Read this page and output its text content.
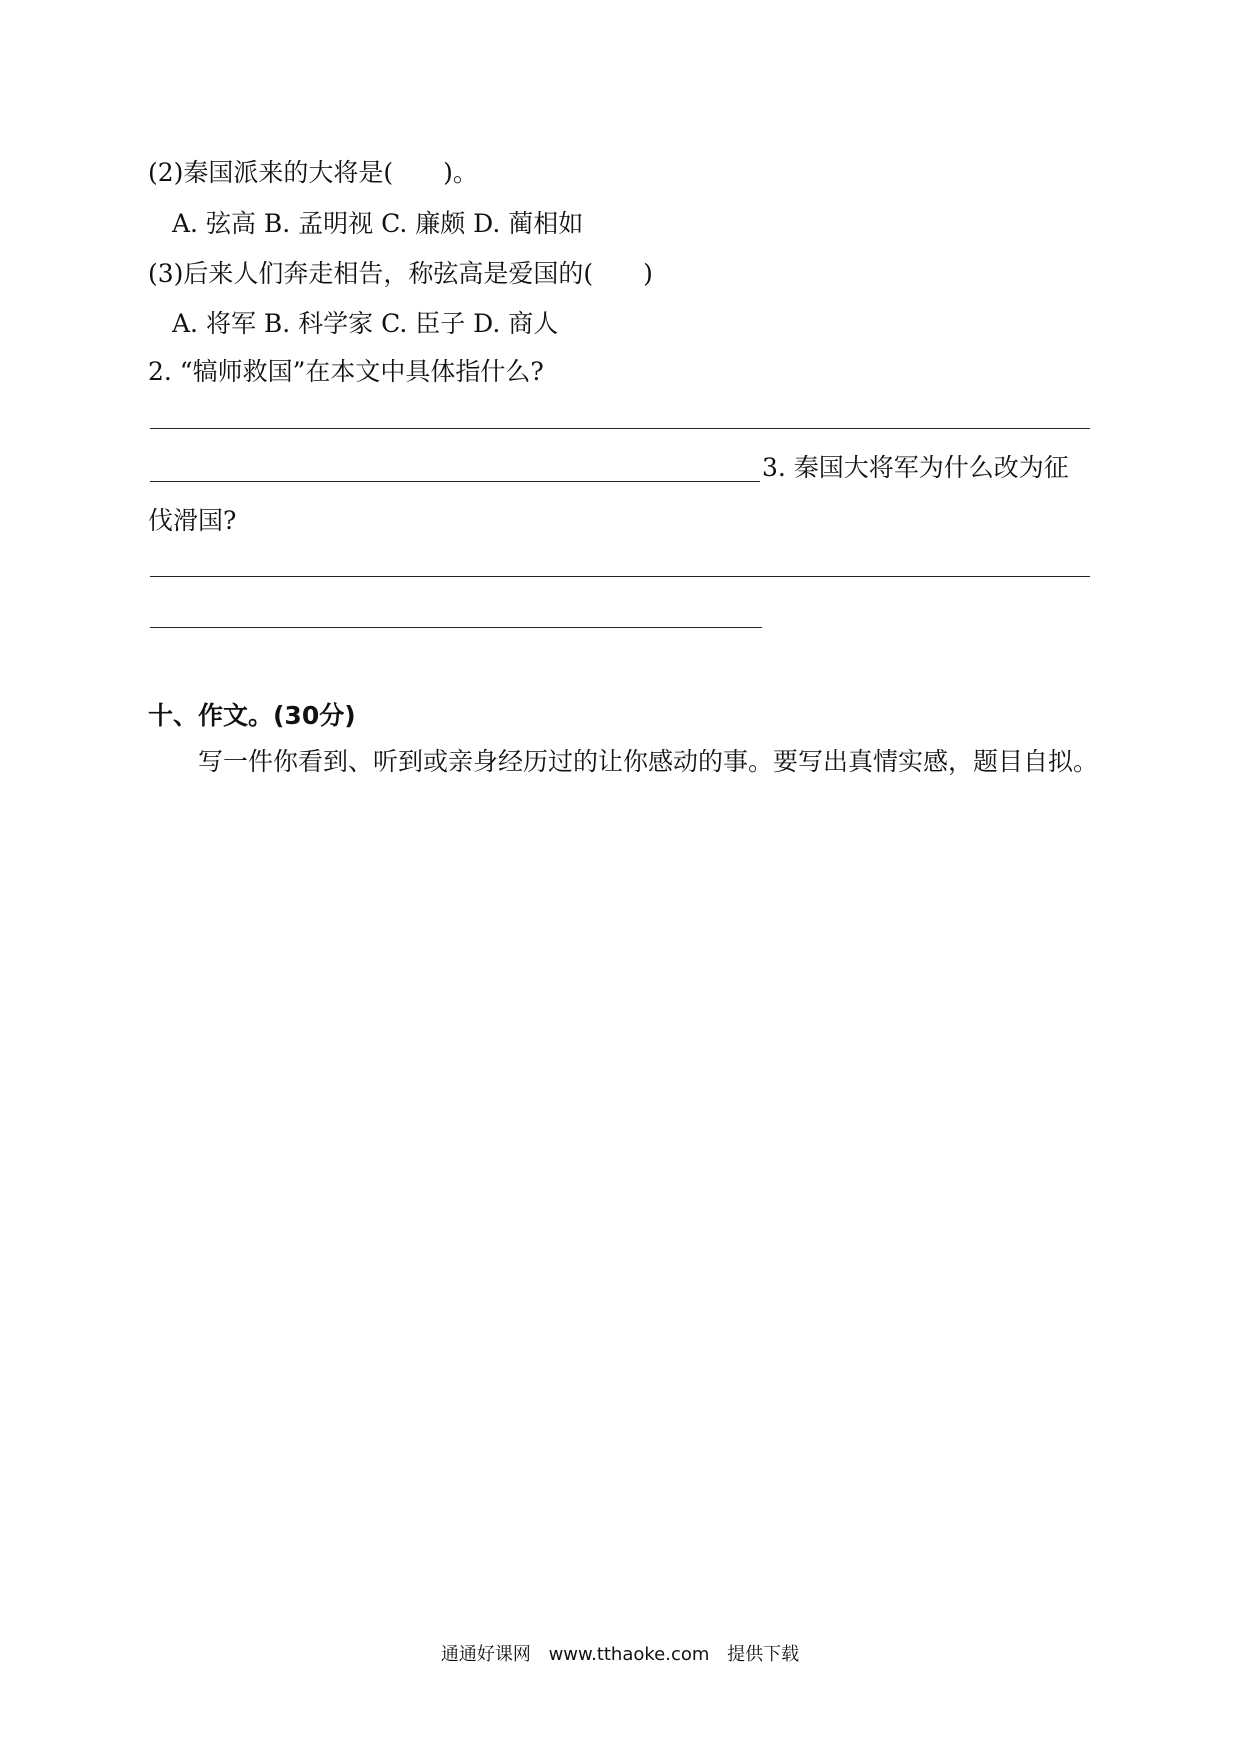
(2)秦国派来的大将是(　　)。
A. 弦高 B. 孟明视 C. 廉颇 D. 蔺相如
(3)后来人们奔走相告，称弦高是爱国的(　　)
A. 将军 B. 科学家 C. 臣子 D. 商人
2. “犒师救国”在本文中具体指什么?
3. 秦国大将军为什么改为征
伐滑国?
十、作文。(30分)
写一件你看到、听到或亲身经历过的让你感动的事。要写出真情实感，题目自拟。
通通好课网 www.tthaoke.com 提供下载
